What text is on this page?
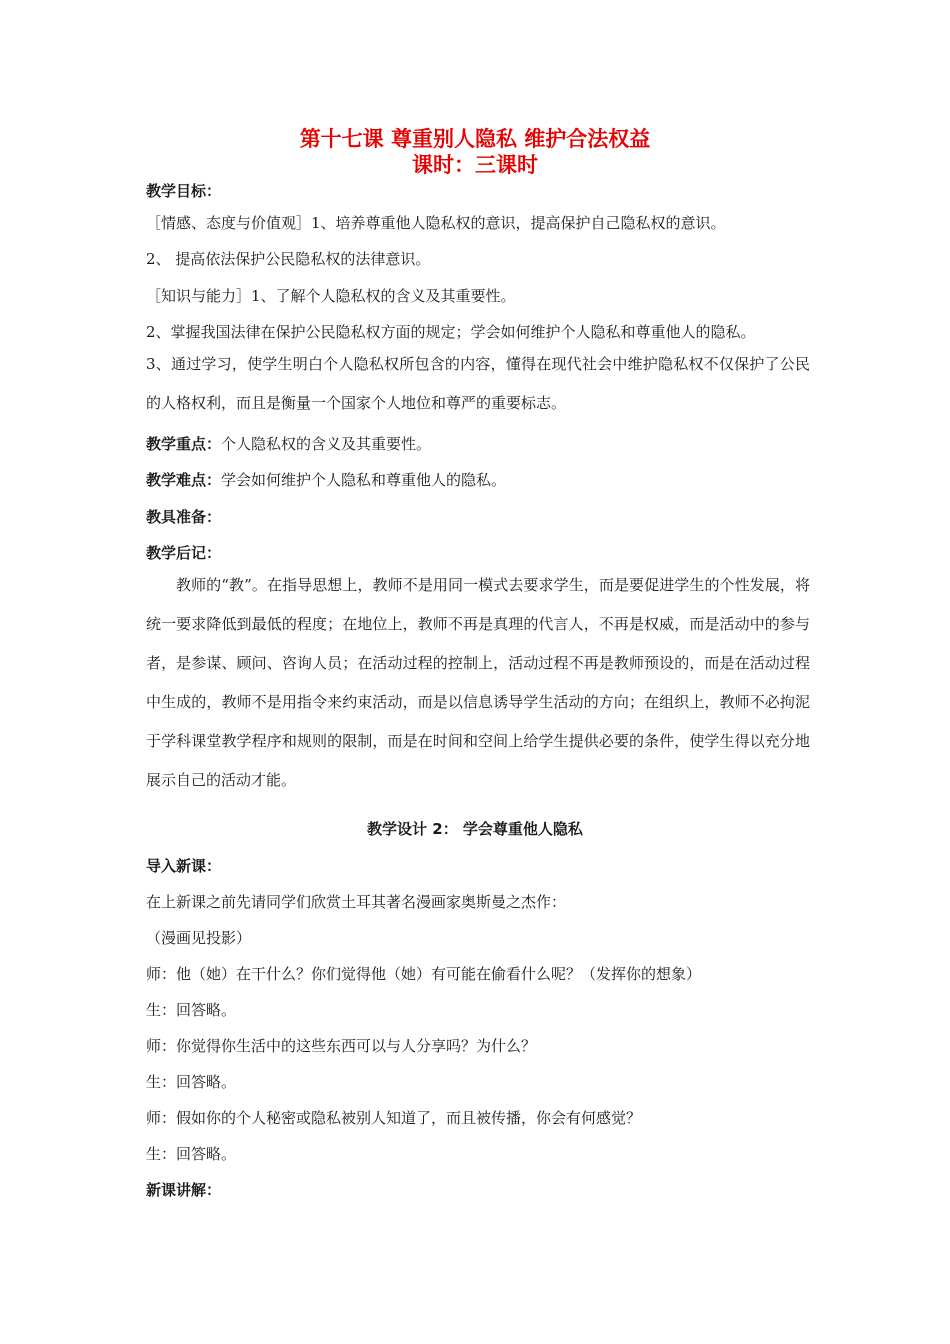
第十七课 尊重别人隐私 维护合法权益
课时：三课时
教学目标：
［情感、态度与价值观］1、培养尊重他人隐私权的意识，提高保护自己隐私权的意识。
2、 提高依法保护公民隐私权的法律意识。
［知识与能力］1、了解个人隐私权的含义及其重要性。
2、掌握我国法律在保护公民隐私权方面的规定；学会如何维护个人隐私和尊重他人的隐私。
3、通过学习，使学生明白个人隐私权所包含的内容，懂得在现代社会中维护隐私权不仅保护了公民的人格权利，而且是衡量一个国家个人地位和尊严的重要标志。
教学重点：个人隐私权的含义及其重要性。
教学难点：学会如何维护个人隐私和尊重他人的隐私。
教具准备：
教学后记：
教师的“教”。在指导思想上，教师不是用同一模式去要求学生，而是要促进学生的个性发展，将统一要求降低到最低的程度；在地位上，教师不再是真理的代言人，不再是权威，而是活动中的参与者，是参谋、顾问、咨询人员；在活动过程的控制上，活动过程不再是教师预设的，而是在活动过程中生成的，教师不是用指令来约束活动，而是以信息诱导学生活动的方向；在组织上，教师不必拘泥于学科课堂教学程序和规则的限制，而是在时间和空间上给学生提供必要的条件，使学生得以充分地展示自己的活动才能。
教学设计 2： 学会尊重他人隐私
导入新课：
在上新课之前先请同学们欣赏土耳其著名漫画家奥斯曼之杰作：
（漫画见投影）
师：他（她）在干什么？你们觉得他（她）有可能在偷看什么呢？（发挥你的想象）
生：回答略。
师：你觉得你生活中的这些东西可以与人分享吗？为什么？
生：回答略。
师：假如你的个人秘密或隐私被别人知道了，而且被传播，你会有何感觉？
生：回答略。
新课讲解：
